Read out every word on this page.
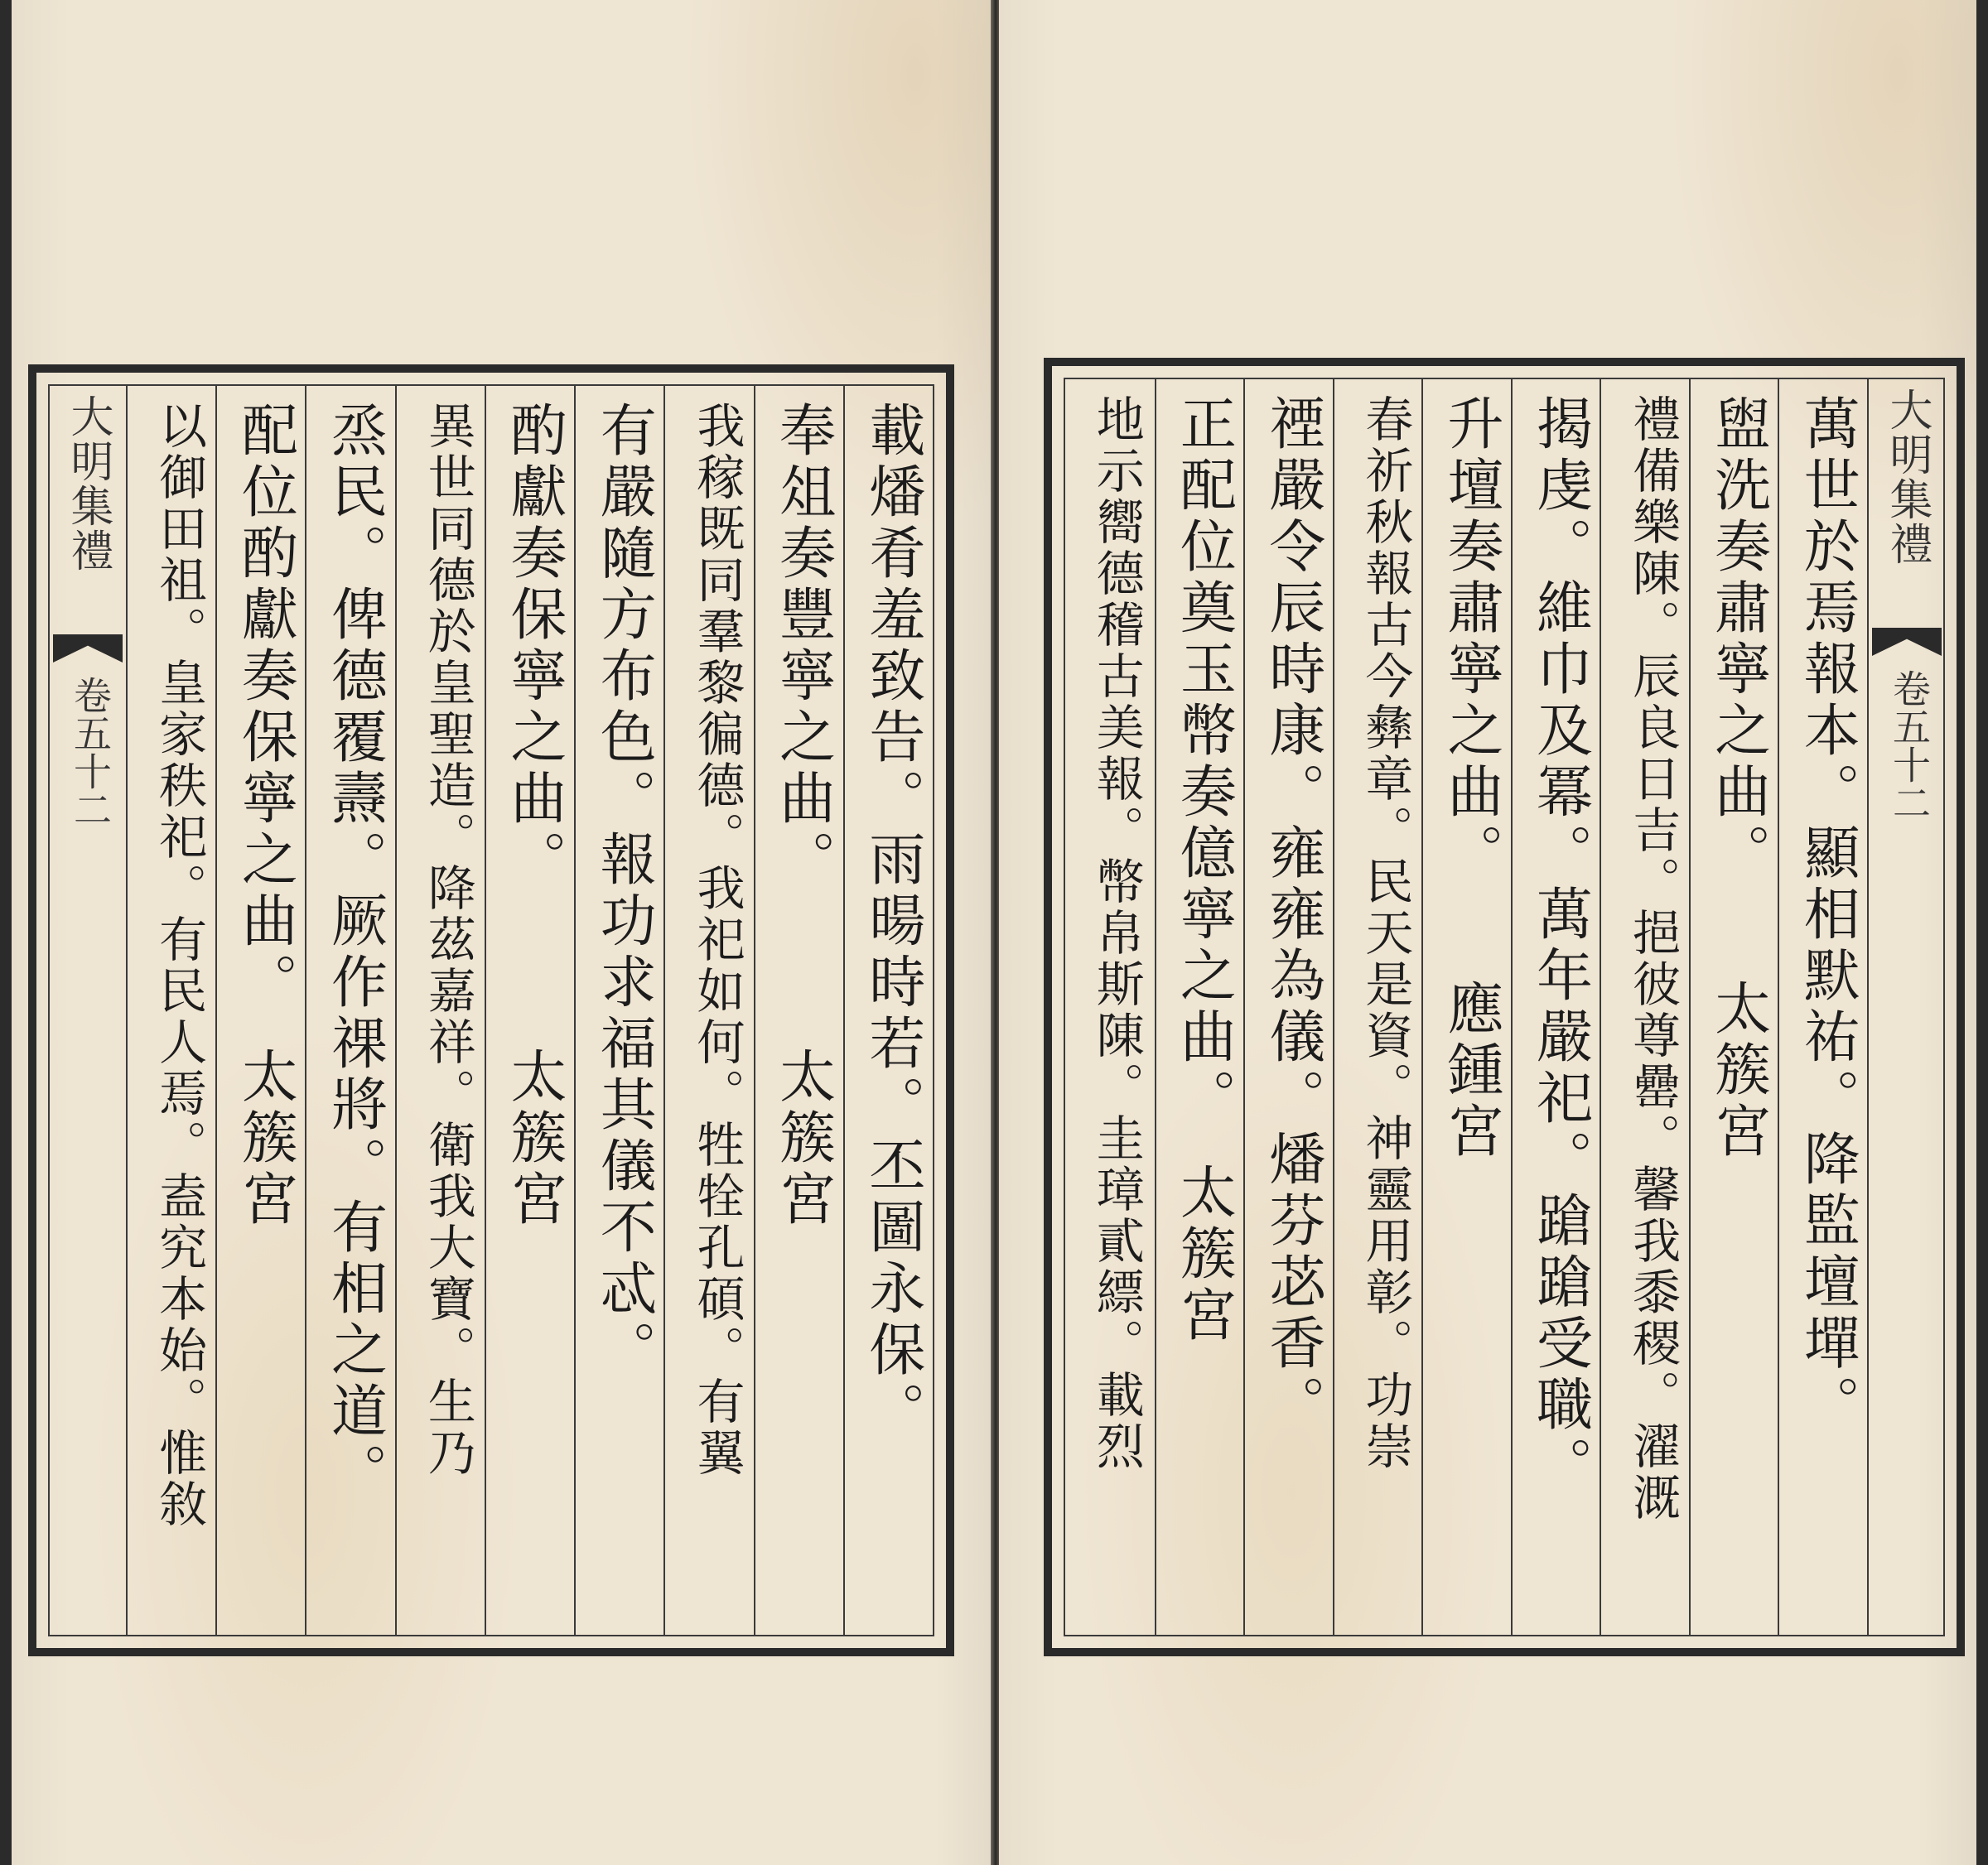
大明集禮
卷五十二	載燔肴羞致告。雨暘時若。丕圖永保。
奉俎奏豐寧之曲。　　　太簇宮
我稼既同羣黎徧德。我祀如何。牲牷孔碩。有翼
有嚴隨方布色。報功求福其儀不忒。
酌獻奏保寧之曲。　　　太簇宮
異世同德於皇聖造。降茲嘉祥。衛我大寶。生乃
烝民。俾德覆燾。厥作祼將。有相之道。
配位酌獻奏保寧之曲。　太簇宮
以御田祖。皇家秩祀。有民人焉。盍究本始。惟敘	大明集禮
卷五十二
萬世於焉報本。顯相默祐。降監壇墠。
盥洗奏肅寧之曲。　　太簇宮
禮備樂陳。辰良日吉。挹彼尊罍。馨我黍稷。濯溉
揭虔。維巾及冪。萬年嚴祀。蹌蹌受職。
升壇奏肅寧之曲。　　應鍾宮
春祈秋報古今彝章。民天是資。神靈用彰。功崇
禋嚴令辰時康。雍雍為儀。燔芬苾香。
正配位奠玉幣奏億寧之曲。　太簇宮
地示嚮德稽古美報。幣帛斯陳。圭璋貳縹。載烈
